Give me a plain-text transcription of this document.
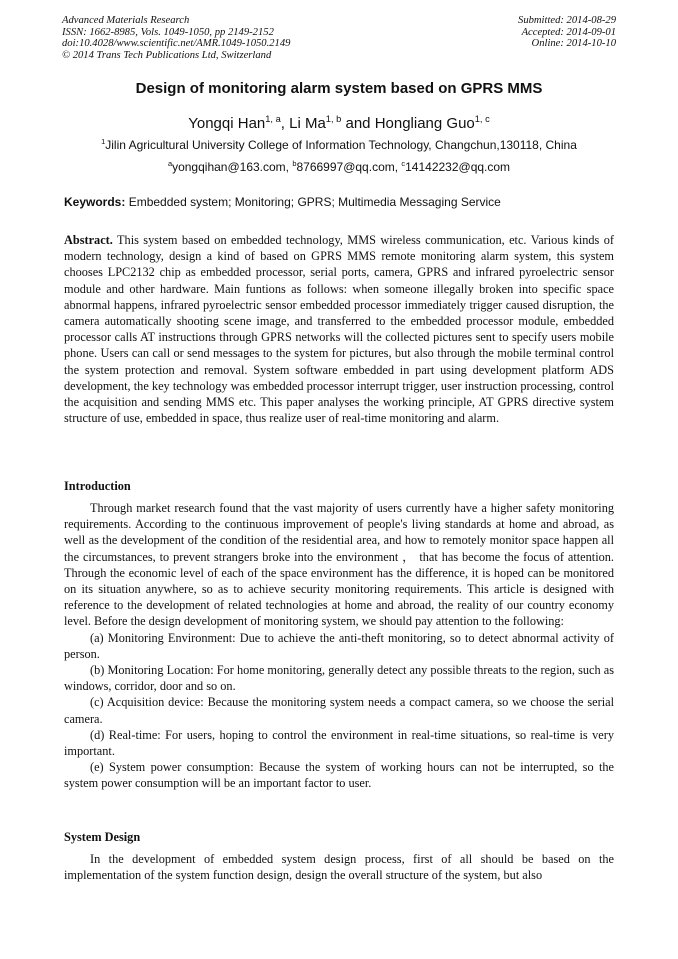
Advanced Materials Research
ISSN: 1662-8985, Vols. 1049-1050, pp 2149-2152
doi:10.4028/www.scientific.net/AMR.1049-1050.2149
© 2014 Trans Tech Publications Ltd, Switzerland
Submitted: 2014-08-29
Accepted: 2014-09-01
Online: 2014-10-10
Design of monitoring alarm system based on GPRS MMS
Yongqi Han$^{1, a}$, Li Ma$^{1, b}$ and Hongliang Guo$^{1, c}$
$^1$Jilin Agricultural University College of Information Technology, Changchun,130118, China
$^a$yongqihan@163.com, $^b$8766997@qq.com, $^c$14142232@qq.com
Keywords: Embedded system; Monitoring; GPRS; Multimedia Messaging Service
Abstract. This system based on embedded technology, MMS wireless communication, etc. Various kinds of modern technology, design a kind of based on GPRS MMS remote monitoring alarm system, this system chooses LPC2132 chip as embedded processor, serial ports, camera, GPRS and infrared pyroelectric sensor module and other hardware. Main funtions as follows: when someone illegally broken into specific space abnormal happens, infrared pyroelectric sensor embedded processor immediately trigger caused disruption, the camera automatically shooting scene image, and transferred to the embedded processor module, embedded processor calls AT instructions through GPRS networks will the collected pictures sent to specify users mobile phone. Users can call or send messages to the system for pictures, but also through the mobile terminal control the system protection and removal. System software embedded in part using development platform ADS development, the key technology was embedded processor interrupt trigger, user instruction processing, control the acquisition and sending MMS etc. This paper analyses the working principle, AT GPRS directive system structure of use, embedded in space, thus realize user of real-time monitoring and alarm.
Introduction

Through market research found that the vast majority of users currently have a higher safety monitoring requirements. According to the continuous improvement of people's living standards at home and abroad, as well as the development of the condition of the residential area, and how to remotely monitor space happen all the circumstances, to prevent strangers broke into the environment ， that has become the focus of attention. Through the economic level of each of the space environment has the difference, it is hoped can be monitored on its situation anywhere, so as to achieve security monitoring requirements. This article is designed with reference to the development of related technologies at home and abroad, the reality of our country economy level. Before the design development of monitoring system, we should pay attention to the following:

(a) Monitoring Environment: Due to achieve the anti-theft monitoring, so to detect abnormal activity of person.

(b) Monitoring Location: For home monitoring, generally detect any possible threats to the region, such as windows, corridor, door and so on.

(c) Acquisition device: Because the monitoring system needs a compact camera, so we choose the serial camera.

(d) Real-time: For users, hoping to control the environment in real-time situations, so real-time is very important.

(e) System power consumption: Because the system of working hours can not be interrupted, so the system power consumption will be an important factor to user.

System Design

In the development of embedded system design process, first of all should be based on the implementation of the system function design, design the overall structure of the system, but also
